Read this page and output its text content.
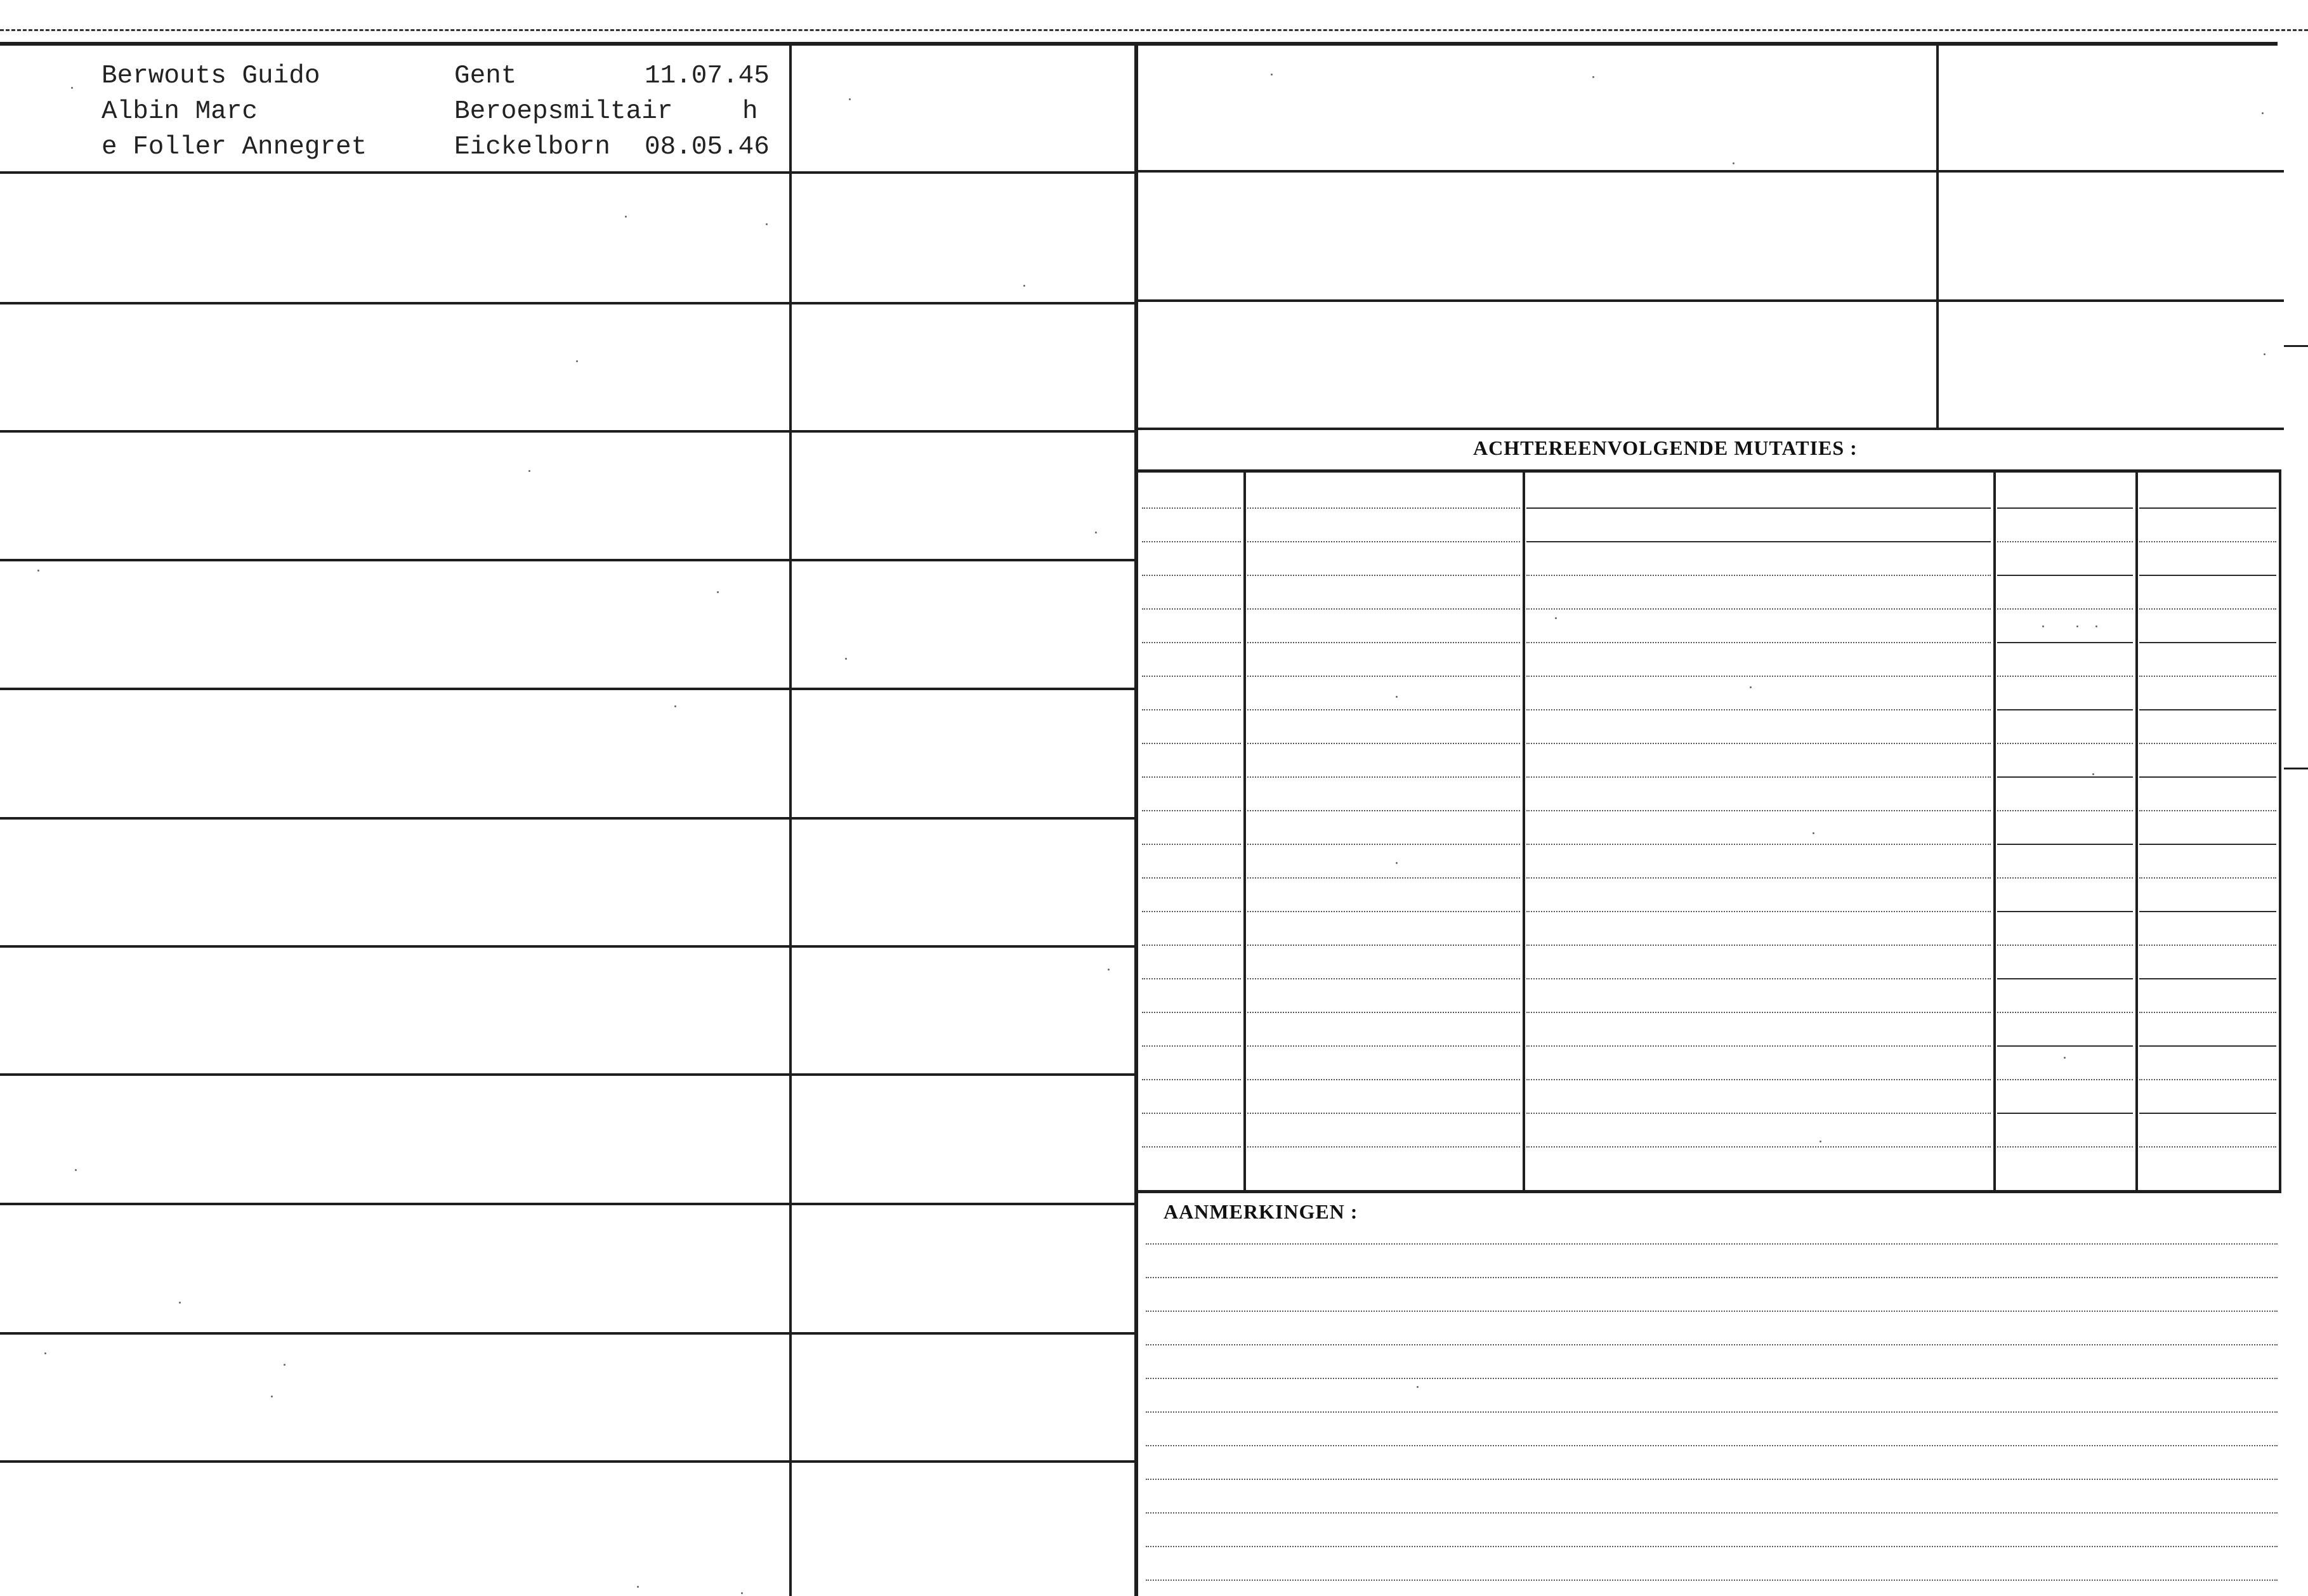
Berwouts Guido	Gent	11.07.45
Albin Marc	Beroepsmiltair	h
e Foller Annegret	Eickelborn 08.05.46
ACHTEREENVOLGENDE MUTATIES :
AANMERKINGEN :
